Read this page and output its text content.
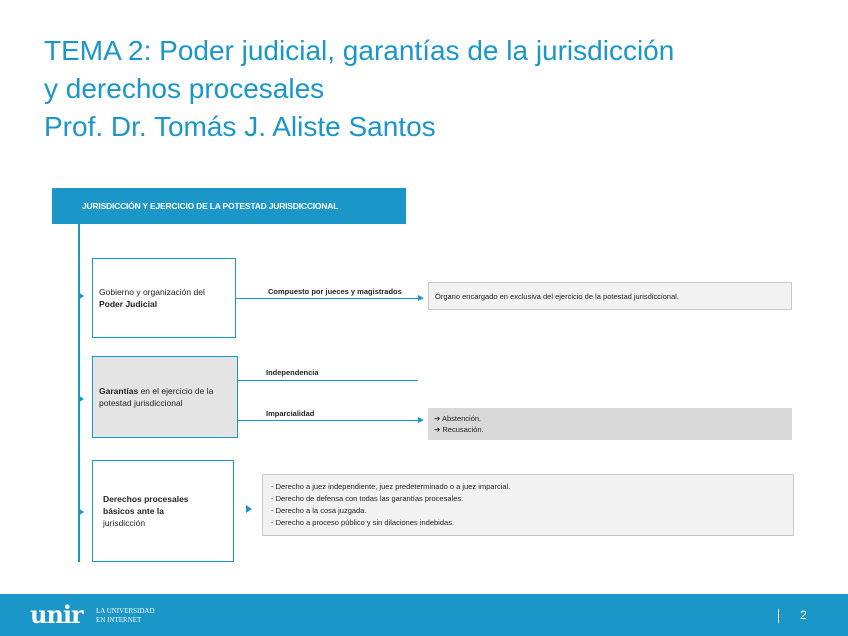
TEMA 2: Poder judicial, garantías de la jurisdicción
y derechos procesales
Prof. Dr. Tomás J. Aliste Santos
JURISDICCIÓN Y EJERCICIO DE LA POTESTAD JURISDICCIONAL
Gobierno y organización del
Poder Judicial
Garantías en el ejercicio de la
potestad jurisdiccional
Derechos procesales
básicos ante la
jurisdicción
Compuesto por jueces y magistrados
Independencia
Imparcialidad
Órgano encargado en exclusiva del ejercicio de la potestad jurisdiccional.
➔ Abstención.
➔ Recusación.
- Derecho a juez independiente, juez predeterminado o a juez imparcial.
- Derecho de defensa con todas las garantías procesales.
- Derecho a la cosa juzgada.
- Derecho a proceso público y sin dilaciones indebidas.
unir LA UNIVERSIDAD
EN INTERNET	2
